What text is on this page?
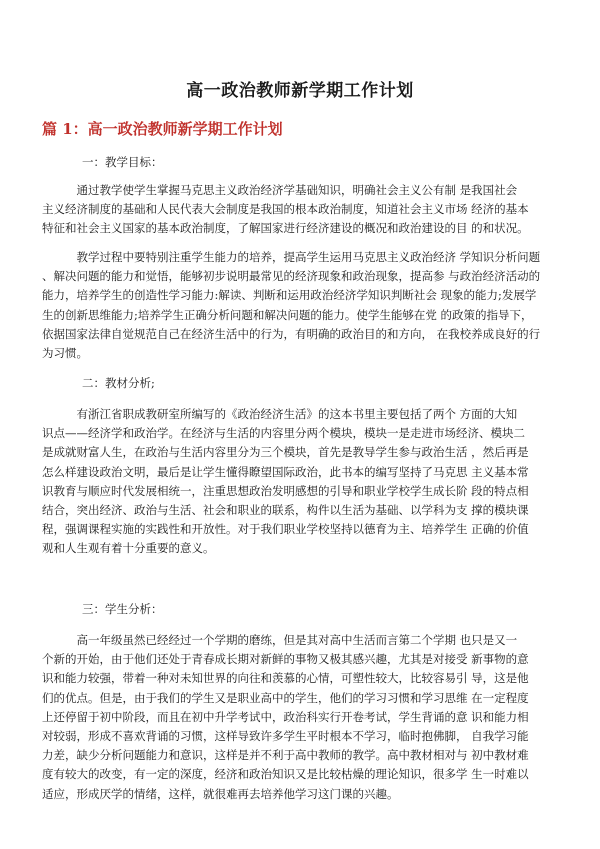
高一政治教师新学期工作计划
篇 1：高一政治教师新学期工作计划
一：教学目标：
　　　通过教学使学生掌握马克思主义政治经济学基础知识，明确社会主义公有制 是我国社会
主义经济制度的基础和人民代表大会制度是我国的根本政治制度，知道社会主义市场 经济的基本
特征和社会主义国家的基本政治制度，了解国家进行经济建设的概况和政治建设的目 的和状况。
　　　教学过程中要特别注重学生能力的培养，提高学生运用马克思主义政治经济 学知识分析问题
、解决问题的能力和觉悟，能够初步说明最常见的经济现象和政治现象，提高参 与政治经济活动的
能力，培养学生的创造性学习能力:解读、判断和运用政治经济学知识判断社会 现象的能力;发展学
生的创新思维能力;培养学生正确分析问题和解决问题的能力。使学生能够在党 的政策的指导下，
依据国家法律自觉规范自己在经济生活中的行为，有明确的政治目的和方向， 在我校养成良好的行
为习惯。
二：教材分析;
　　　有浙江省职成教研室所编写的《政治经济生活》的这本书里主要包括了两个 方面的大知
识点——经济学和政治学。在经济与生活的内容里分两个模块，模块一是走进市场经济、模块二
是成就财富人生，在政治与生活内容里分为三个模块，首先是教导学生参与政治生活 ，然后再是
怎么样建设政治文明，最后是让学生懂得瞭望国际政治，此书本的编写坚持了马克思 主义基本常
识教育与顺应时代发展相统一，注重思想政治发明感想的引导和职业学校学生成长阶 段的特点相
结合，突出经济、政治与生活、社会和职业的联系，构件以生活为基础、以学科为支 撑的模块课
程，强调课程实施的实践性和开放性。对于我们职业学校坚持以德育为主、培养学生 正确的价值
观和人生观有着十分重要的意义。
三：学生分析：
　　　高一年级虽然已经经过一个学期的磨练，但是其对高中生活而言第二个学期 也只是又一
个新的开始，由于他们还处于青春成长期对新鲜的事物又极其感兴趣，尤其是对接受 新事物的意
识和能力较强，带着一种对未知世界的向往和羡慕的心情，可塑性较大，比较容易引 导，这是他
们的优点。但是，由于我们的学生又是职业高中的学生，他们的学习习惯和学习思维 在一定程度
上还停留于初中阶段，而且在初中升学考试中，政治科实行开卷考试，学生背诵的意 识和能力相
对较弱，形成不喜欢背诵的习惯，这样导致许多学生平时根本不学习，临时抱佛脚， 自我学习能
力差，缺少分析问题能力和意识，这样是并不利于高中教师的教学。高中教材相对与 初中教材难
度有较大的改变，有一定的深度，经济和政治知识又是比较枯燥的理论知识，很多学 生一时难以
适应，形成厌学的情绪，这样，就很难再去培养他学习这门课的兴趣。
